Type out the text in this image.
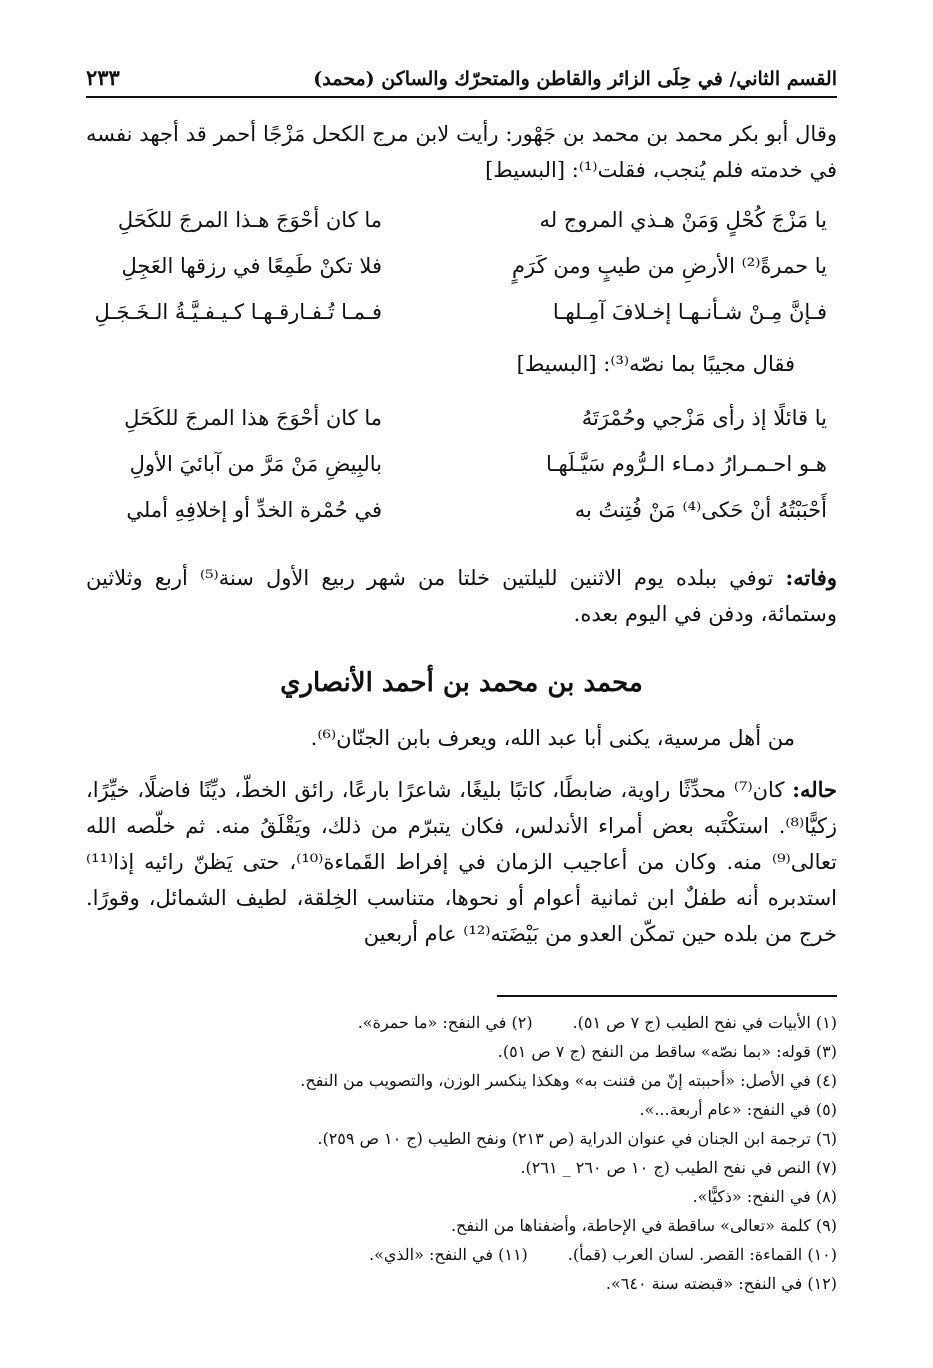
القسم الثاني/ في حِلَى الزائر والقاطن والمتحرّك والساكن (محمد)
٢٣٣
وقال أبو بكر محمد بن محمد بن جَهْور: رأيت لابن مرج الكحل مَزْجًا أحمر قد أجهد نفسه في خدمته فلم يُنجب، فقلت⁽¹⁾: [البسيط]
يا مَزْجَ كُحْلٍ وَمَنْ هـذي المروج له
ما كان أحْوَجَ هـذا المرجَ للكَحَلِ
يا حمرةً⁽²⁾ الأرضِ من طيبٍ ومن كَرَمٍ
فلا تكنْ طَمِعًا في رزقها العَجِلِ
فـإنَّ مِـنْ شـأنـهـا إخـلافَ آمِـلهـا
فـمـا تُـفـارقـهـا كـيـفـيَّـةُ الـخَـجَـلِ
فقال مجيبًا بما نصّه⁽³⁾: [البسيط]
يا قائلًا إذ رأى مَزْجي وحُمْرَتَهُ
ما كان أحْوَجَ هذا المرجَ للكَحَلِ
هـو احـمـرارُ دمـاء الـرُّوم سَيَّـلَهـا
بالبِيضِ مَنْ مَرَّ من آبائيَ الأولِ
أَحْبَبْتُهُ أنْ حَكى⁽⁴⁾ مَنْ فُتِنتُ به
في حُمْرة الخدِّ أو إخلافِهِ أملي
وفاته: توفي ببلده يوم الاثنين لليلتين خلتا من شهر ربيع الأول سنة⁽⁵⁾ أربع وثلاثين وستمائة، ودفن في اليوم بعده.
محمد بن محمد بن أحمد الأنصاري
من أهل مرسية، يكنى أبا عبد الله، ويعرف بابن الجنّان⁽⁶⁾.
حاله: كان⁽⁷⁾ محدِّثًا راوية، ضابطًا، كاتبًا بليغًا، شاعرًا بارعًا، رائق الخطّ، ديِّنًا فاضلًا، خيِّرًا، زكيًّا⁽⁸⁾. استكْتَبه بعض أمراء الأندلس، فكان يتبرّم من ذلك، ويَقْلَقُ منه. ثم خلّصه الله تعالى⁽⁹⁾ منه. وكان من أعاجيب الزمان في إفراط القَماءة⁽¹⁰⁾، حتى يَظنّ رائيه إذا⁽¹¹⁾ استدبره أنه طفلٌ ابن ثمانية أعوام أو نحوها، متناسب الخِلقة، لطيف الشمائل، وقورًا. خرج من بلده حين تمكّن العدو من بَيْضَته⁽¹²⁾ عام أربعين
(١) الأبيات في نفح الطيب (ج ٧ ص ٥١).(٢) في النفح: «ما حمرة».
(٣) قوله: «بما نصّه» ساقط من النفح (ج ٧ ص ٥١).
(٤) في الأصل: «أحببته إنّ من فتنت به» وهكذا ينكسر الوزن، والتصويب من النفح.
(٥) في النفح: «عام أربعة...».
(٦) ترجمة ابن الجنان في عنوان الدراية (ص ٢١٣) ونفح الطيب (ج ١٠ ص ٢٥٩).
(٧) النص في نفح الطيب (ج ١٠ ص ٢٦٠ _ ٢٦١).
(٨) في النفح: «ذكيًّا».
(٩) كلمة «تعالى» ساقطة في الإحاطة، وأضفناها من النفح.
(١٠) القماءة: القصر. لسان العرب (قمأ).(١١) في النفح: «الذي».
(١٢) في النفح: «قبضته سنة ٦٤٠».
